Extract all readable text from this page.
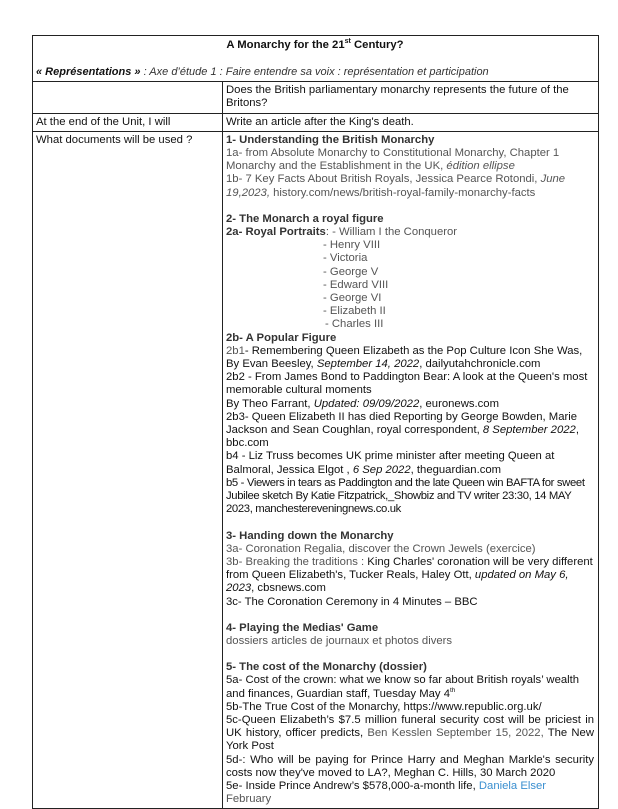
A Monarchy for the 21st Century?
« Représentations » : Axe d’étude 1 : Faire entendre sa voix : représentation et participation	

	Does the British parliamentary monarchy represents the future of the Britons?
At the end of the Unit, I will	Write an article after the King's death.
What documents will be used ?	1- Understanding the British Monarchy

1a- from Absolute Monarchy to Constitutional Monarchy, Chapter 1 Monarchy and the Establishment in the UK, édition ellipse

1b- 7 Key Facts About British Royals, Jessica Pearce Rotondi, June 19,2023, history.com/news/british-royal-family-monarchy-facts

2- The Monarch a royal figure

2a- Royal Portraits: - William I the Conqueror

- Henry VIII

- Victoria

- George V

- Edward VIII

- George VI

- Elizabeth II

- Charles III

2b- A Popular Figure

2b1- Remembering Queen Elizabeth as the Pop Culture Icon She Was,
By Evan Beesley, September 14, 2022, dailyutahchronicle.com

2b2 - From James Bond to Paddington Bear: A look at the Queen's most memorable cultural moments
By Theo Farrant, Updated: 09/09/2022, euronews.com

2b3- Queen Elizabeth II has died Reporting by George Bowden, Marie Jackson and Sean Coughlan, royal correspondent, 8 September 2022, bbc.com

b4 - Liz Truss becomes UK prime minister after meeting Queen at Balmoral, Jessica Elgot , 6 Sep 2022, theguardian.com

b5 - Viewers in tears as Paddington and the late Queen win BAFTA for sweet Jubilee sketch By Katie Fitzpatrick,_Showbiz and TV writer 23:30, 14 MAY 2023, manchestereveningnews.co.uk

3- Handing down the Monarchy

3a- Coronation Regalia, discover the Crown Jewels (exercice)

3b- Breaking the traditions : King Charles' coronation will be very different from Queen Elizabeth's, Tucker Reals, Haley Ott, updated on May 6, 2023, cbsnews.com

3c- The Coronation Ceremony in 4 Minutes – BBC

4- Playing the Medias' Game

dossiers articles de journaux et photos divers

5- The cost of the Monarchy (dossier)

5a- Cost of the crown: what we know so far about British royals’ wealth and finances, Guardian staff, Tuesday May 4th

5b-The True Cost of the Monarchy, https://www.republic.org.uk/

5c-Queen Elizabeth’s $7.5 million funeral security cost will be priciest in UK history, officer predicts, Ben Kesslen September 15, 2022, The New York Post

5d-: Who will be paying for Prince Harry and Meghan Markle's security costs now they've moved to LA?, Meghan C. Hills, 30 March 2020

5e- Inside Prince Andrew’s $578,000-a-month life, Daniela Elser February
